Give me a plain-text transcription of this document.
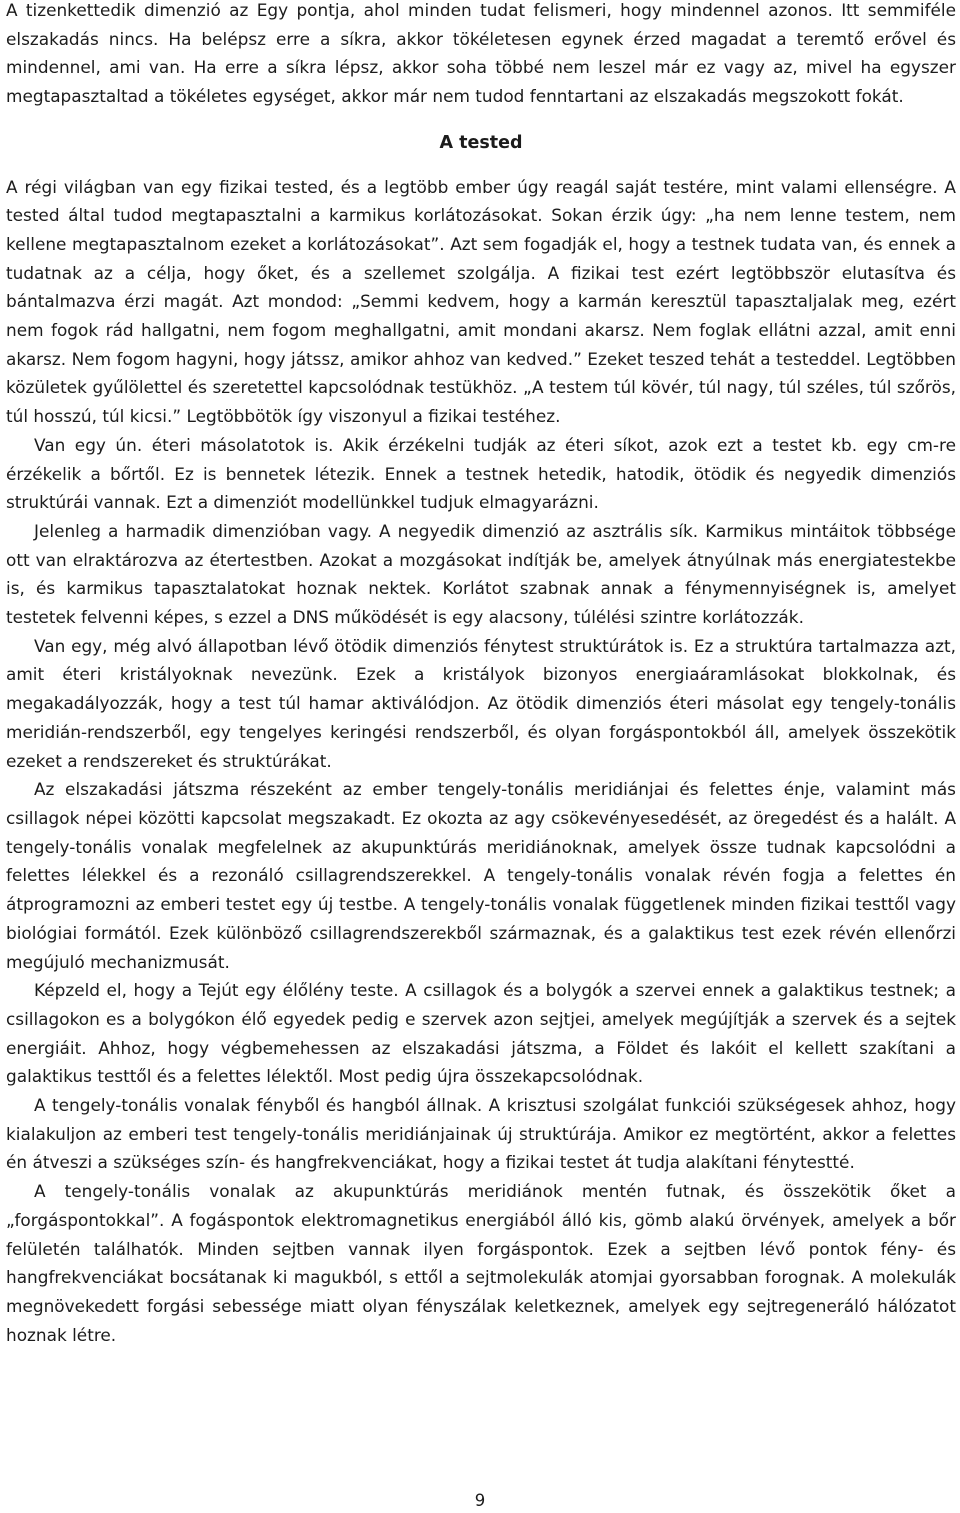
A tizenkettedik dimenzió az Egy pontja, ahol minden tudat felismeri, hogy mindennel azonos. Itt semmiféle elszakadás nincs. Ha belépsz erre a síkra, akkor tökéletesen egynek érzed magadat a teremtő erővel és mindennel, ami van. Ha erre a síkra lépsz, akkor soha többé nem leszel már ez vagy az, mivel ha egyszer megtapasztaltad a tökéletes egységet, akkor már nem tudod fenntartani az elszakadás megszokott fokát.

A tested

A régi világban van egy fizikai tested, és a legtöbb ember úgy reagál saját testére, mint valami ellenségre. A tested által tudod megtapasztalni a karmikus korlátozásokat. Sokan érzik úgy: „ha nem lenne testem, nem kellene megtapasztalnom ezeket a korlátozásokat”. Azt sem fogadják el, hogy a testnek tudata van, és ennek a tudatnak az a célja, hogy őket, és a szellemet szolgálja. A fizikai test ezért legtöbbször elutasítva és bántalmazva érzi magát. Azt mondod: „Semmi kedvem, hogy a karmán keresztül tapasztaljalak meg, ezért nem fogok rád hallgatni, nem fogom meghallgatni, amit mondani akarsz. Nem foglak ellátni azzal, amit enni akarsz. Nem fogom hagyni, hogy játssz, amikor ahhoz van kedved.” Ezeket teszed tehát a testeddel. Legtöbben közületek gyűlölettel és szeretettel kapcsolódnak testükhöz. „A testem túl kövér, túl nagy, túl széles, túl szőrös, túl hosszú, túl kicsi.” Legtöbbötök így viszonyul a fizikai testéhez.

Van egy ún. éteri másolatotok is. Akik érzékelni tudják az éteri síkot, azok ezt a testet kb. egy cm-re érzékelik a bőrtől. Ez is bennetek létezik. Ennek a testnek hetedik, hatodik, ötödik és negyedik dimenziós struktúrái vannak. Ezt a dimenziót modellünkkel tudjuk elmagyarázni.

Jelenleg a harmadik dimenzióban vagy. A negyedik dimenzió az asztrális sík. Karmikus mintáitok többsége ott van elraktározva az étertestben. Azokat a mozgásokat indítják be, amelyek átnyúlnak más energiatestekbe is, és karmikus tapasztalatokat hoznak nektek. Korlátot szabnak annak a fénymennyiségnek is, amelyet testetek felvenni képes, s ezzel a DNS működését is egy alacsony, túlélési szintre korlátozzák.

Van egy, még alvó állapotban lévő ötödik dimenziós fénytest struktúrátok is. Ez a struktúra tartalmazza azt, amit éteri kristályoknak nevezünk. Ezek a kristályok bizonyos energiaáramlásokat blokkolnak, és megakadályozzák, hogy a test túl hamar aktiválódjon. Az ötödik dimenziós éteri másolat egy tengely-tonális meridián-rendszerből, egy tengelyes keringési rendszerből, és olyan forgáspontokból áll, amelyek összekötik ezeket a rendszereket és struktúrákat.

Az elszakadási játszma részeként az ember tengely-tonális meridiánjai és felettes énje, valamint más csillagok népei közötti kapcsolat megszakadt. Ez okozta az agy csökevényesedését, az öregedést és a halált. A tengely-tonális vonalak megfelelnek az akupunktúrás meridiánoknak, amelyek össze tudnak kapcsolódni a felettes lélekkel és a rezonáló csillagrendszerekkel. A tengely-tonális vonalak révén fogja a felettes én átprogramozni az emberi testet egy új testbe. A tengely-tonális vonalak függetlenek minden fizikai testtől vagy biológiai formától. Ezek különböző csillagrendszerekből származnak, és a galaktikus test ezek révén ellenőrzi megújuló mechanizmusát.

Képzeld el, hogy a Tejút egy élőlény teste. A csillagok és a bolygók a szervei ennek a galaktikus testnek; a csillagokon es a bolygókon élő egyedek pedig e szervek azon sejtjei, amelyek megújítják a szervek és a sejtek energiáit. Ahhoz, hogy végbemehessen az elszakadási játszma, a Földet és lakóit el kellett szakítani a galaktikus testtől és a felettes lélektől. Most pedig újra összekapcsolódnak.

A tengely-tonális vonalak fényből és hangból állnak. A krisztusi szolgálat funkciói szükségesek ahhoz, hogy kialakuljon az emberi test tengely-tonális meridiánjainak új struktúrája. Amikor ez megtörtént, akkor a felettes én átveszi a szükséges szín- és hangfrekvenciákat, hogy a fizikai testet át tudja alakítani fénytestté.

A tengely-tonális vonalak az akupunktúrás meridiánok mentén futnak, és összekötik őket a „forgáspontokkal”. A fogáspontok elektromagnetikus energiából álló kis, gömb alakú örvények, amelyek a bőr felületén találhatók. Minden sejtben vannak ilyen forgáspontok. Ezek a sejtben lévő pontok fény- és hangfrekvenciákat bocsátanak ki magukból, s ettől a sejtmolekulák atomjai gyorsabban forognak. A molekulák megnövekedett forgási sebessége miatt olyan fényszálak keletkeznek, amelyek egy sejtregeneráló hálózatot hoznak létre.

9
